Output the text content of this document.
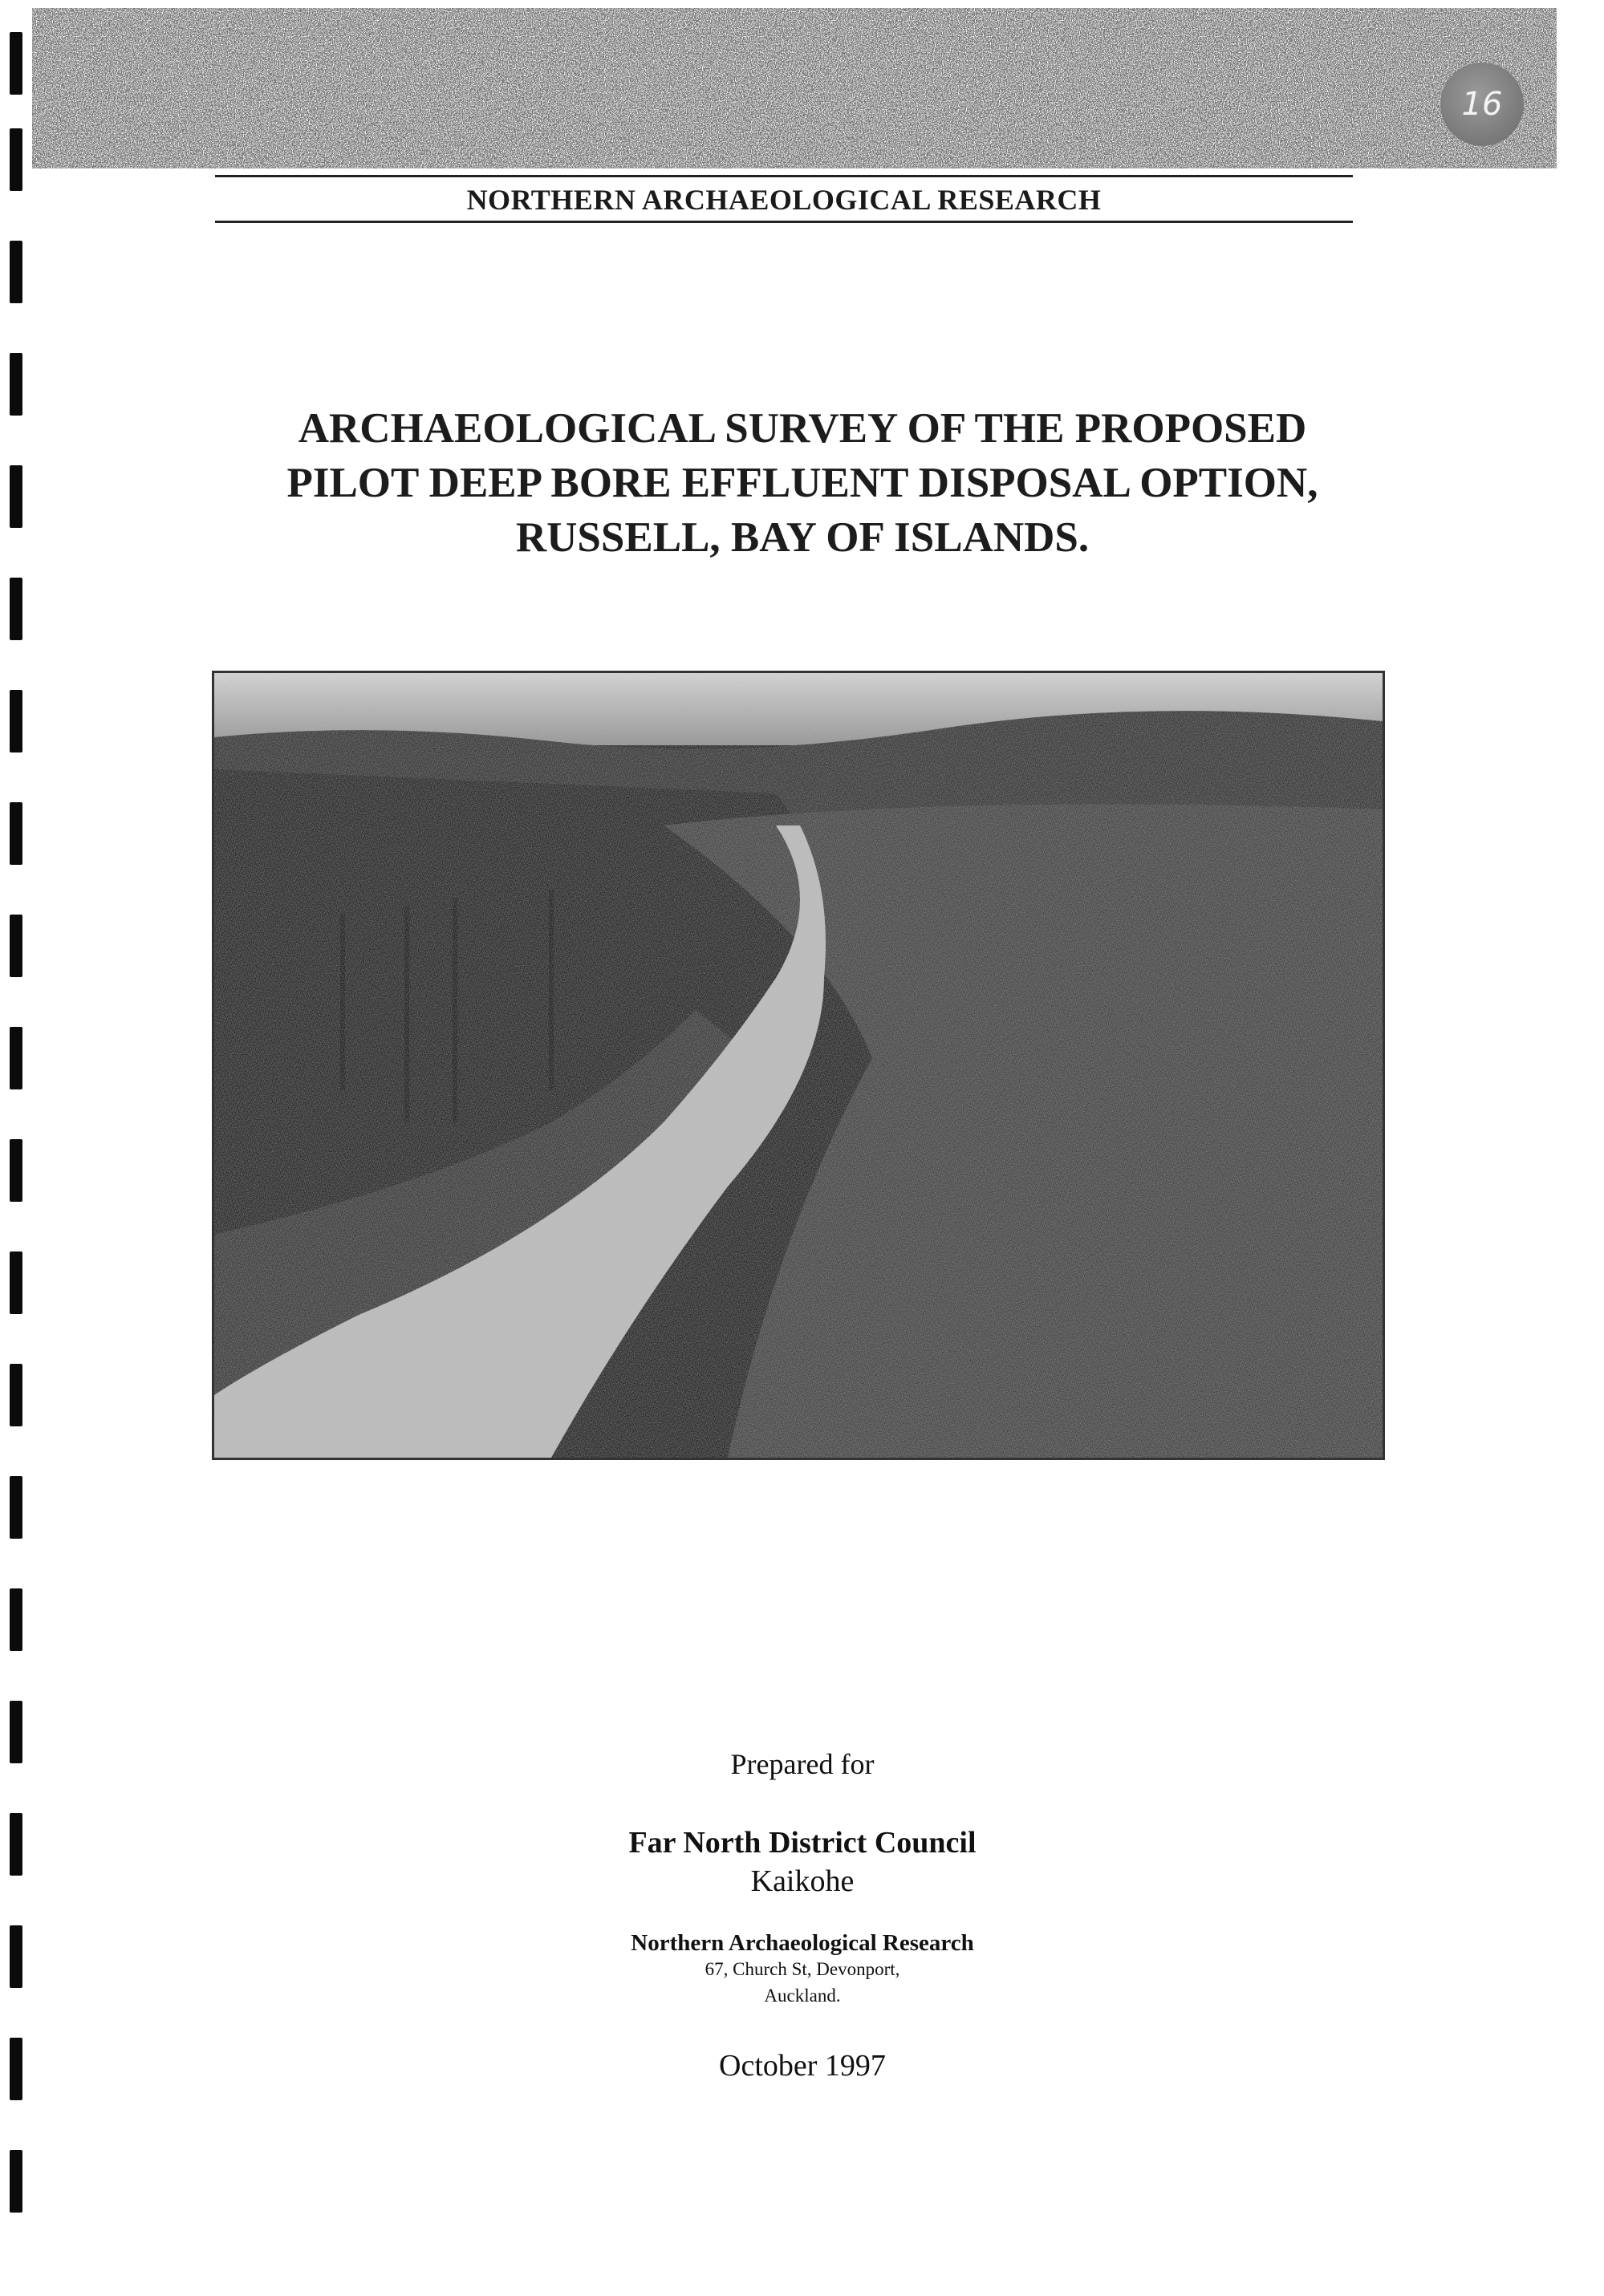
16
NORTHERN ARCHAEOLOGICAL RESEARCH
ARCHAEOLOGICAL SURVEY OF THE PROPOSED
PILOT DEEP BORE EFFLUENT DISPOSAL OPTION,
RUSSELL, BAY OF ISLANDS.
Prepared for
Far North District Council
Kaikohe
Northern Archaeological Research
67, Church St, Devonport,
Auckland.
October 1997
